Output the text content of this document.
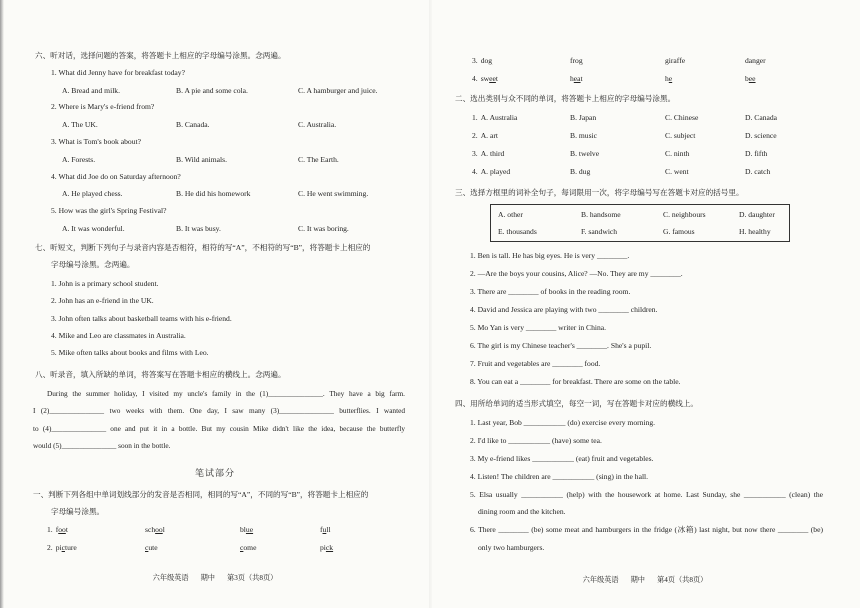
六、听对话，选择问题的答案，将答题卡上相应的字母编号涂黑。念两遍。
1. What did Jenny have for breakfast today?
A. Bread and milk.	B. A pie and some cola.	C. A hamburger and juice.
2. Where is Mary's e-friend from?
A. The UK.	B. Canada.	C. Australia.
3. What is Tom's book about?
A. Forests.	B. Wild animals.	C. The Earth.
4. What did Joe do on Saturday afternoon?
A. He played chess.	B. He did his homework	C. He went swimming.
5. How was the girl's Spring Festival?
A. It was wonderful.	B. It was busy.	C. It was boring.
七、听短文，判断下列句子与录音内容是否相符，相符的写“A”，不相符的写“B”，将答题卡上相应的
字母编号涂黑。念两遍。
1. John is a primary school student.
2. John has an e-friend in the UK.
3. John often talks about basketball teams with his e-friend.
4. Mike and Leo are classmates in Australia.
5. Mike often talks about books and films with Leo.
八、听录音，填入所缺的单词，将答案写在答题卡相应的横线上。念两遍。
During the summer holiday, I visited my uncle's family in the (1)_______________. They have a big farm.
I (2)_______________ two weeks with them. One day, I saw many (3)_______________ butterflies. I wanted
to (4)_______________ one and put it in a bottle. But my cousin Mike didn't like the idea, because the butterfly
would (5)_______________ soon in the bottle.
笔试部分
一、判断下列各组中单词划线部分的发音是否相同，相同的写“A”，不同的写“B”，将答题卡上相应的
字母编号涂黑。
1. foot	school	blue	full
2. picture	cute	come	pick
六年级英语 期中 第3页（共8页）
3. dog	frog	giraffe	danger
4. sweet	heat	he	bee
二、选出类别与众不同的单词，将答题卡上相应的字母编号涂黑。
1. A. Australia	B. Japan	C. Chinese	D. Canada
2. A. art	B. music	C. subject	D. science
3. A. third	B. twelve	C. ninth	D. fifth
4. A. played	B. dug	C. went	D. catch
三、选择方框里的词补全句子，每词限用一次，将字母编号写在答题卡对应的括号里。
A. other	B. handsome	C. neighbours	D. daughter
E. thousands	F. sandwich	G. famous	H. healthy
1. Ben is tall. He has big eyes. He is very ________.
2. —Are the boys your cousins, Alice? —No. They are my ________.
3. There are ________ of books in the reading room.
4. David and Jessica are playing with two ________ children.
5. Mo Yan is very ________ writer in China.
6. The girl is my Chinese teacher's ________. She's a pupil.
7. Fruit and vegetables are ________ food.
8. You can eat a ________ for breakfast. There are some on the table.
四、用所给单词的适当形式填空，每空一词，写在答题卡对应的横线上。
1. Last year, Bob ___________ (do) exercise every morning.
2. I'd like to ___________ (have) some tea.
3. My e-friend likes ___________ (eat) fruit and vegetables.
4. Listen! The children are ___________ (sing) in the hall.
5. Elsa usually ___________ (help) with the housework at home. Last Sunday, she ___________ (clean) the
dining room and the kitchen.
6. There ________ (be) some meat and hamburgers in the fridge (冰箱) last night, but now there ________ (be)
only two hamburgers.
六年级英语 期中 第4页（共8页）
